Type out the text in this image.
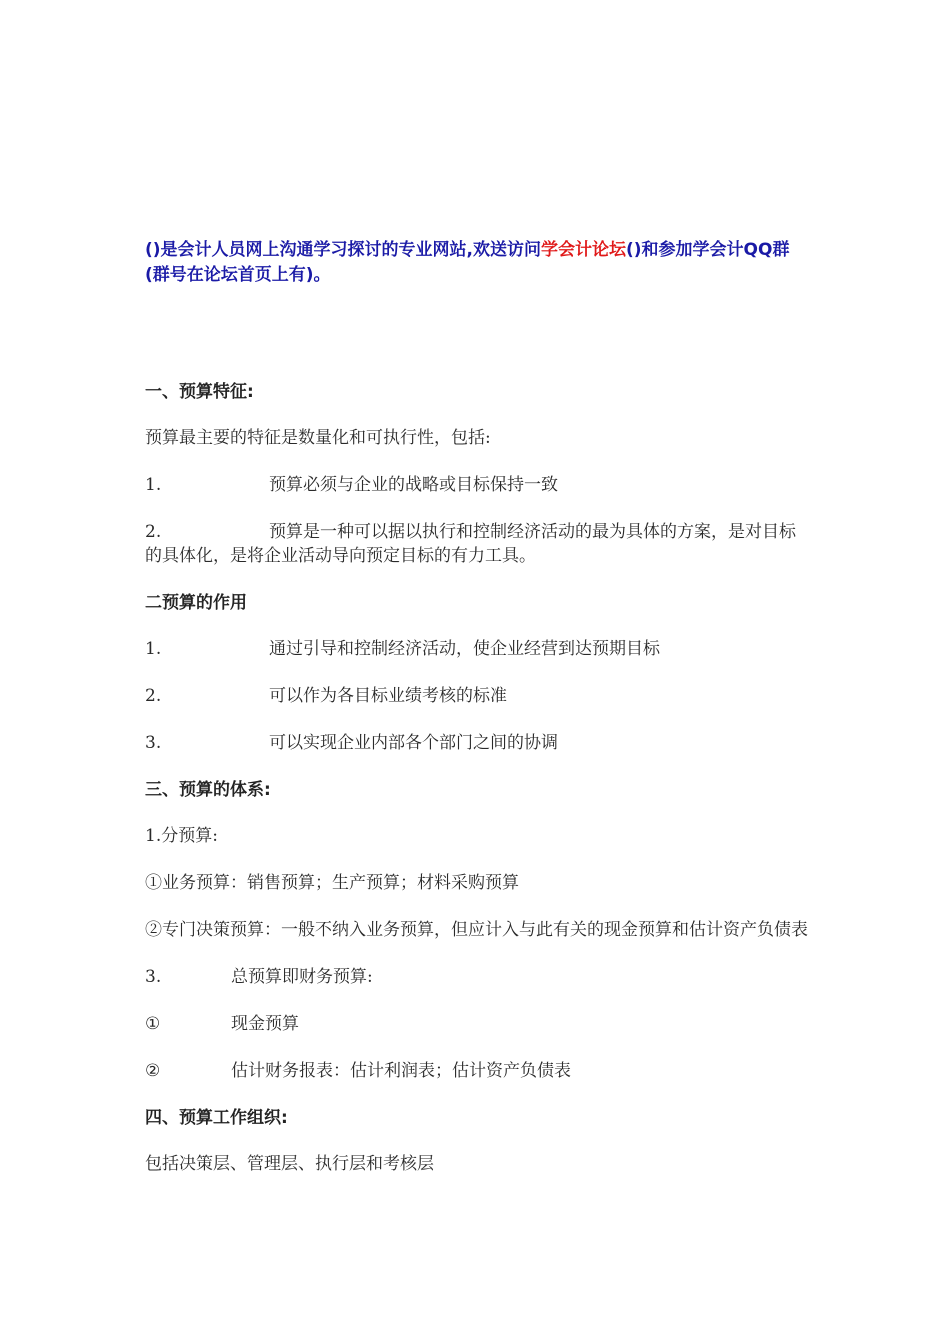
()是会计人员网上沟通学习探讨的专业网站,欢送访问学会计论坛()和参加学会计QQ群(群号在论坛首页上有)。

一、预算特征:

预算最主要的特征是数量化和可执行性，包括:

1.	预算必须与企业的战略或目标保持一致

2.	预算是一种可以据以执行和控制经济活动的最为具体的方案，是对目标的具体化，是将企业活动导向预定目标的有力工具。

二预算的作用

1.	通过引导和控制经济活动，使企业经营到达预期目标
2.	可以作为各目标业绩考核的标准
3.	可以实现企业内部各个部门之间的协调

三、预算的体系:

1.分预算:

①业务预算：销售预算；生产预算；材料采购预算

②专门决策预算：一般不纳入业务预算，但应计入与此有关的现金预算和估计资产负债表

3.	总预算即财务预算:
①	现金预算
②	估计财务报表：估计利润表；估计资产负债表

四、预算工作组织:

包括决策层、管理层、执行层和考核层
